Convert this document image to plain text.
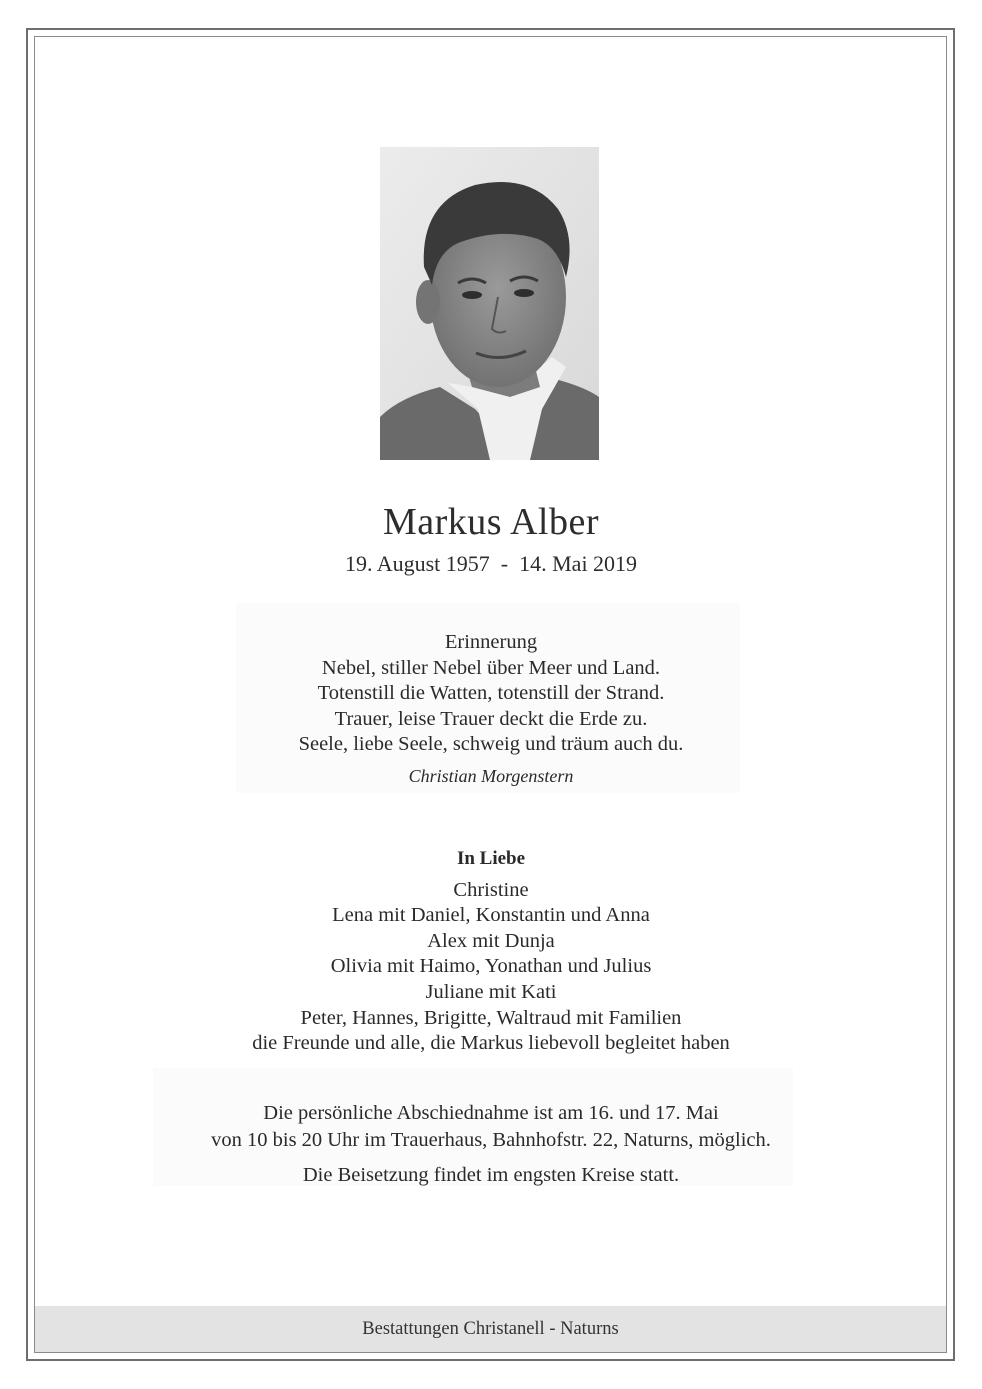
Markus Alber
19. August 1957  -  14. Mai 2019
Erinnerung
Nebel, stiller Nebel über Meer und Land.
Totenstill die Watten, totenstill der Strand.
Trauer, leise Trauer deckt die Erde zu.
Seele, liebe Seele, schweig und träum auch du.
Christian Morgenstern
In Liebe
Christine
Lena mit Daniel, Konstantin und Anna
Alex mit Dunja
Olivia mit Haimo, Yonathan und Julius
Juliane mit Kati
Peter, Hannes, Brigitte, Waltraud mit Familien
die Freunde und alle, die Markus liebevoll begleitet haben
Die persönliche Abschiednahme ist am 16. und 17. Mai
von 10 bis 20 Uhr im Trauerhaus, Bahnhofstr. 22, Naturns, möglich.
Die Beisetzung findet im engsten Kreise statt.
Bestattungen Christanell - Naturns
